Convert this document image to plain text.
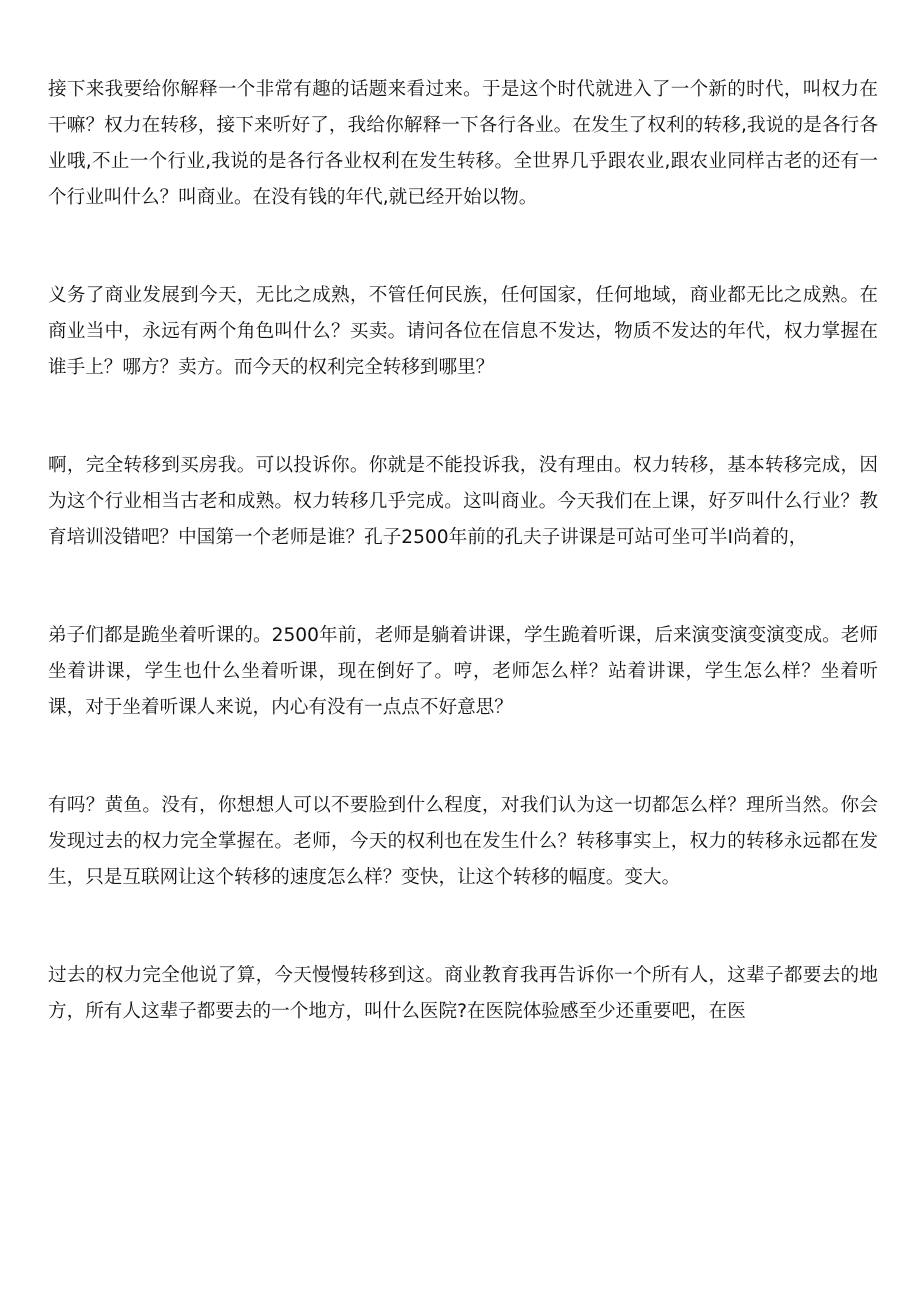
接下来我要给你解释一个非常有趣的话题来看过来。于是这个时代就进入了一个新的时代，叫权力在干嘛？权力在转移，接下来听好了，我给你解释一下各行各业。在发生了权利的转移,我说的是各行各业哦,不止一个行业,我说的是各行各业权利在发生转移。全世界几乎跟农业,跟农业同样古老的还有一个行业叫什么？叫商业。在没有钱的年代,就已经开始以物。

义务了商业发展到今天，无比之成熟，不管任何民族，任何国家，任何地域，商业都无比之成熟。在商业当中，永远有两个角色叫什么？买卖。请问各位在信息不发达，物质不发达的年代，权力掌握在谁手上？哪方？卖方。而今天的权利完全转移到哪里？

啊，完全转移到买房我。可以投诉你。你就是不能投诉我，没有理由。权力转移，基本转移完成，因为这个行业相当古老和成熟。权力转移几乎完成。这叫商业。今天我们在上课，好歹叫什么行业？教育培训没错吧？中国第一个老师是谁？孔子2500年前的孔夫子讲课是可站可坐可半I尚着的，

弟子们都是跪坐着听课的。2500年前，老师是躺着讲课，学生跪着听课，后来演变演变演变成。老师坐着讲课，学生也什么坐着听课，现在倒好了。哼，老师怎么样？站着讲课，学生怎么样？坐着听课，对于坐着听课人来说，内心有没有一点点不好意思？

有吗？黄鱼。没有，你想想人可以不要脸到什么程度，对我们认为这一切都怎么样？理所当然。你会发现过去的权力完全掌握在。老师，今天的权利也在发生什么？转移事实上，权力的转移永远都在发生，只是互联网让这个转移的速度怎么样？变快，让这个转移的幅度。变大。

过去的权力完全他说了算，今天慢慢转移到这。商业教育我再告诉你一个所有人，这辈子都要去的地方，所有人这辈子都要去的一个地方，叫什么医院?在医院体验感至少还重要吧，在医
